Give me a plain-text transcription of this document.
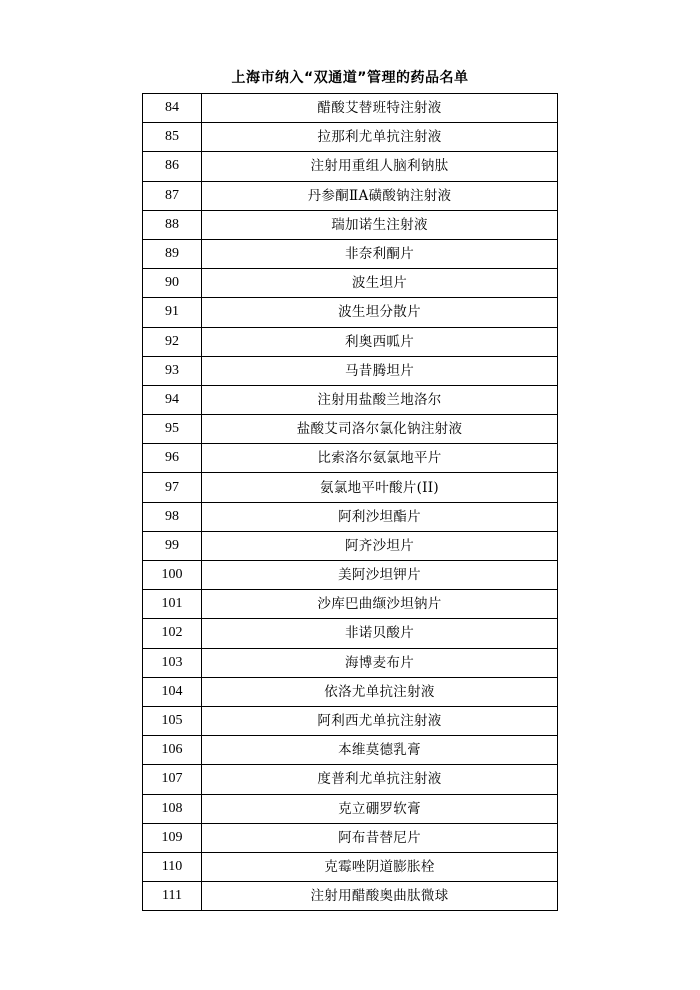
上海市纳入“双通道”管理的药品名单
84	醋酸艾替班特注射液
85	拉那利尤单抗注射液
86	注射用重组人脑利钠肽
87	丹参酮ⅡA磺酸钠注射液
88	瑞加诺生注射液
89	非奈利酮片
90	波生坦片
91	波生坦分散片
92	利奥西呱片
93	马昔腾坦片
94	注射用盐酸兰地洛尔
95	盐酸艾司洛尔氯化钠注射液
96	比索洛尔氨氯地平片
97	氨氯地平叶酸片(II)
98	阿利沙坦酯片
99	阿齐沙坦片
100	美阿沙坦钾片
101	沙库巴曲缬沙坦钠片
102	非诺贝酸片
103	海博麦布片
104	依洛尤单抗注射液
105	阿利西尤单抗注射液
106	本维莫德乳膏
107	度普利尤单抗注射液
108	克立硼罗软膏
109	阿布昔替尼片
110	克霉唑阴道膨胀栓
111	注射用醋酸奥曲肽微球
